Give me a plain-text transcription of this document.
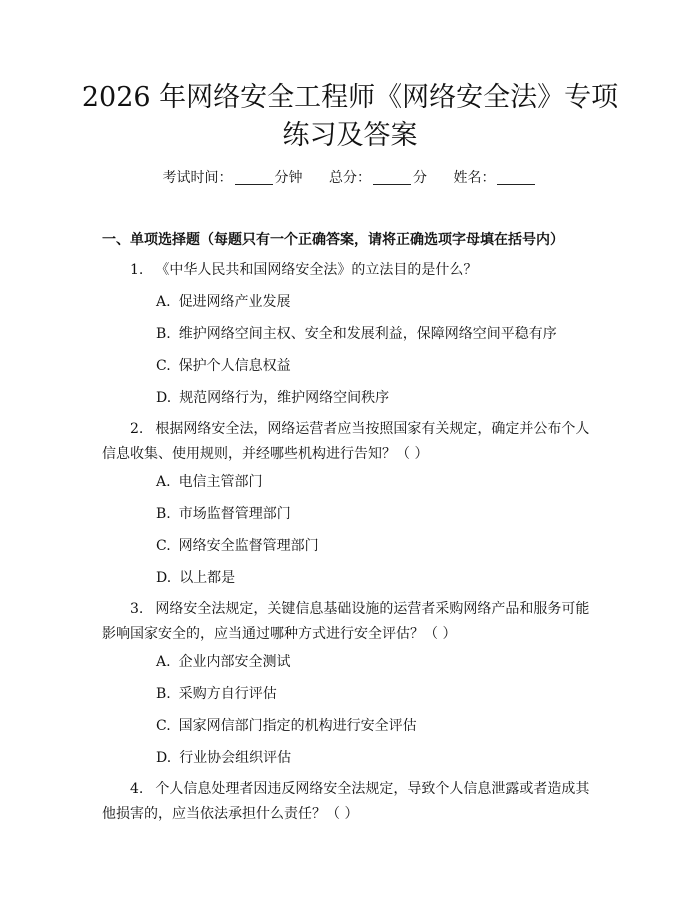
2026 年网络安全工程师《网络安全法》专项
练习及答案
考试时间：	分钟 总分：	分 姓名：
一、单项选择题（每题只有一个正确答案，请将正确选项字母填在括号内）
1. 《中华人民共和国网络安全法》的立法目的是什么？
A. 促进网络产业发展
B. 维护网络空间主权、安全和发展利益，保障网络空间平稳有序
C. 保护个人信息权益
D. 规范网络行为，维护网络空间秩序
2. 根据网络安全法，网络运营者应当按照国家有关规定，确定并公布个人信息收集、使用规则，并经哪些机构进行告知？（ ）
A. 电信主管部门
B. 市场监督管理部门
C. 网络安全监督管理部门
D. 以上都是
3. 网络安全法规定，关键信息基础设施的运营者采购网络产品和服务可能影响国家安全的，应当通过哪种方式进行安全评估？（ ）
A. 企业内部安全测试
B. 采购方自行评估
C. 国家网信部门指定的机构进行安全评估
D. 行业协会组织评估
4. 个人信息处理者因违反网络安全法规定，导致个人信息泄露或者造成其他损害的，应当依法承担什么责任？（ ）
